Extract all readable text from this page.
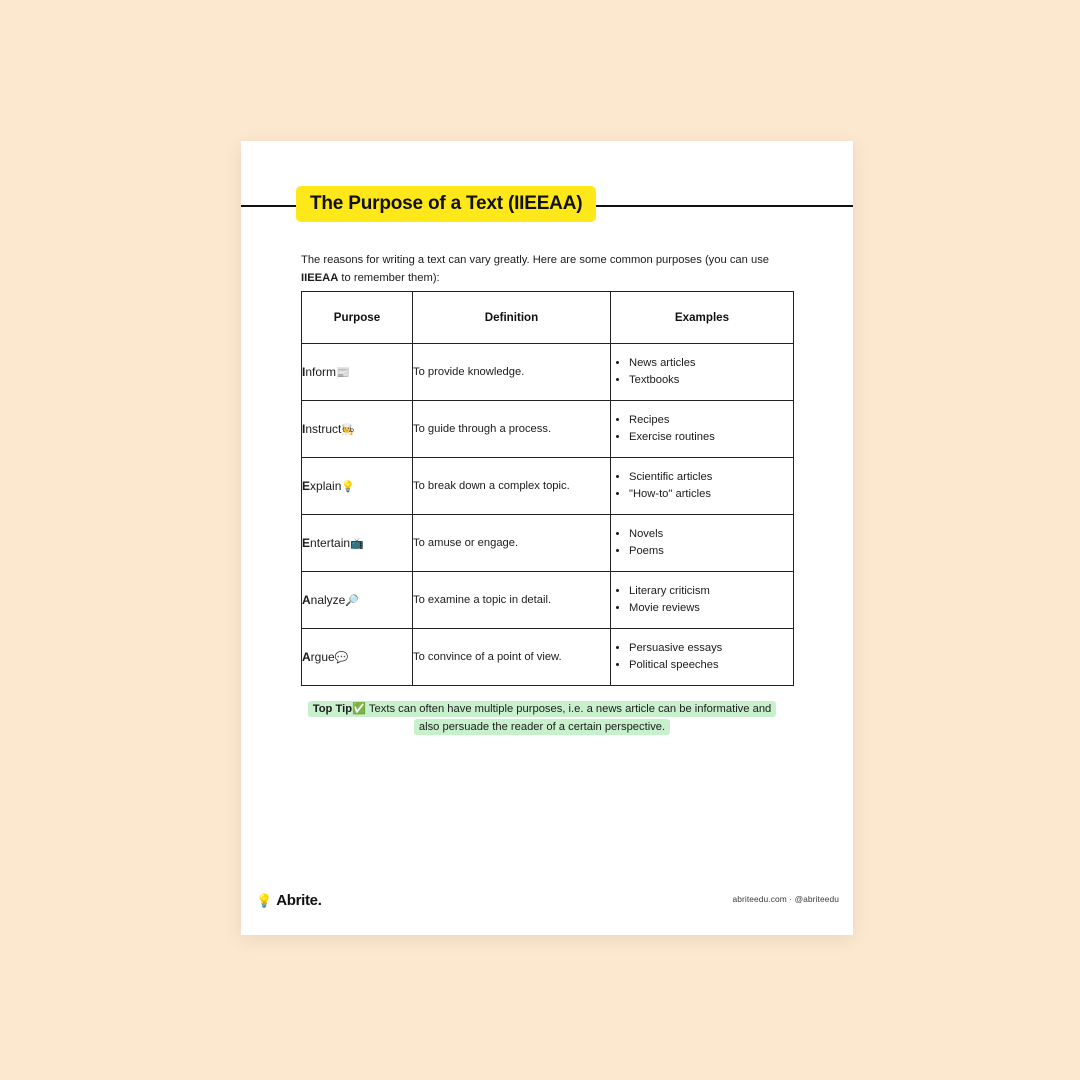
The Purpose of a Text (IIEEAA)

The reasons for writing a text can vary greatly. Here are some common purposes (you can use IIEEAA to remember them):

Purpose	Definition	Examples
Inform📰	To provide knowledge.	
• News articles
• Textbooks

Instruct🧑‍🍳	To guide through a process.	
• Recipes
• Exercise routines

Explain💡	To break down a complex topic.	
• Scientific articles
• "How-to" articles

Entertain📺	To amuse or engage.	
• Novels
• Poems

Analyze🔎	To examine a topic in detail.	
• Literary criticism
• Movie reviews

Argue💬	To convince of a point of view.	
• Persuasive essays
• Political speeches
Top Tip✅ Texts can often have multiple purposes, i.e. a news article can be informative and also persuade the reader of a certain perspective.
💡 Abrite.	abriteedu.com · @abriteedu
